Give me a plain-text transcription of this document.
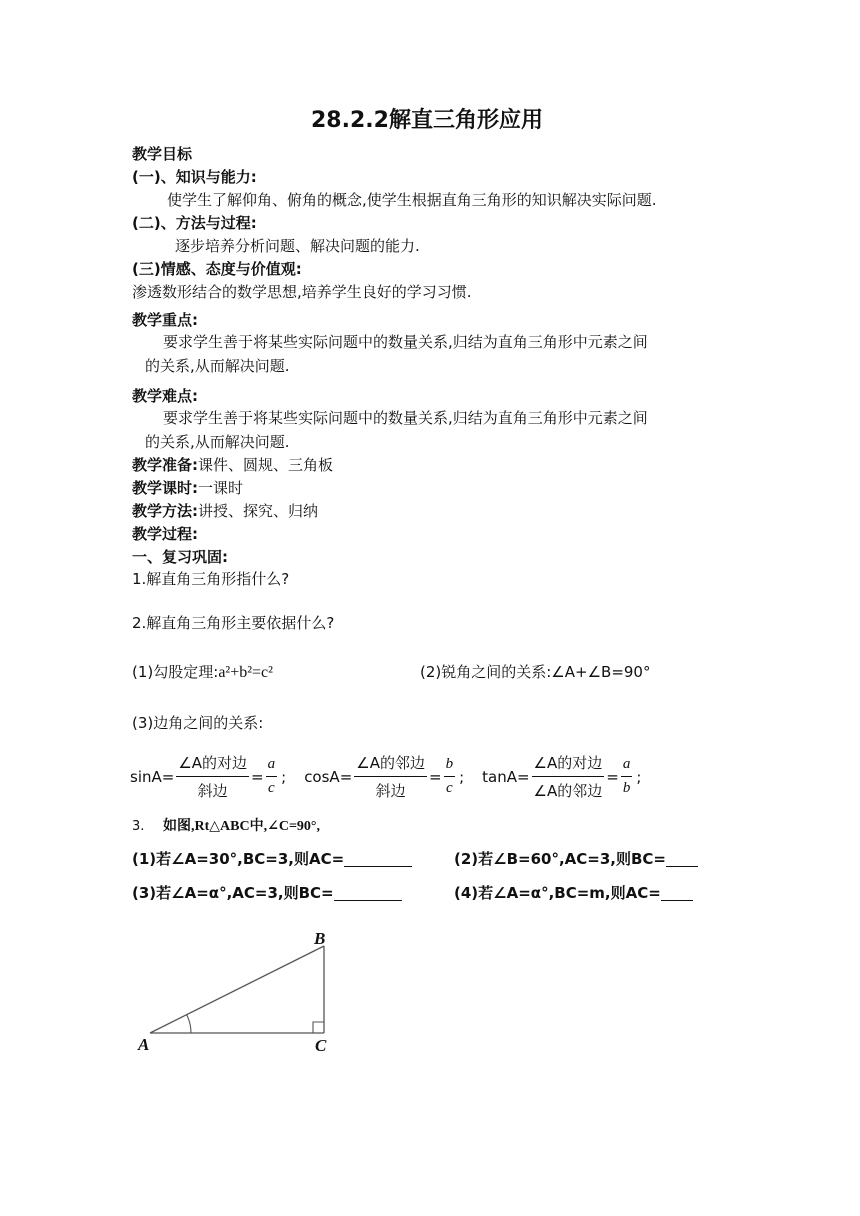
28.2.2解直三角形应用
教学目标
(一)、知识与能力:
使学生了解仰角、俯角的概念,使学生根据直角三角形的知识解决实际问题.
(二)、方法与过程:
逐步培养分析问题、解决问题的能力.
(三)情感、态度与价值观:
渗透数形结合的数学思想,培养学生良好的学习习惯.
教学重点:
要求学生善于将某些实际问题中的数量关系,归结为直角三角形中元素之间
的关系,从而解决问题.
教学难点:
要求学生善于将某些实际问题中的数量关系,归结为直角三角形中元素之间
的关系,从而解决问题.
教学准备:课件、圆规、三角板
教学课时:一课时
教学方法:讲授、探究、归纳
教学过程:
一、复习巩固:
1.解直角三角形指什么?
2.解直角三角形主要依据什么?
(1)勾股定理:a²+b²=c²	(2)锐角之间的关系:∠A+∠B=90°
(3)边角之间的关系:
$\sin A= \frac{\text{∠A的对边}}{\text{斜边}} = \frac{a}{c}$ ; $\cos A= \frac{\text{∠A的邻边}}{\text{斜边}} = \frac{b}{c}$ ; $\tan A= \frac{\text{∠A的对边}}{\text{∠A的邻边}} = \frac{a}{b}$ ;
3. 如图,Rt△ABC中,∠C=90°,
(1)若∠A=30°,BC=3,则AC=	(2)若∠B=60°,AC=3,则BC=
(3)若∠A=α°,AC=3,则BC=	(4)若∠A=α°,BC=m,则AC=
A
B
C
